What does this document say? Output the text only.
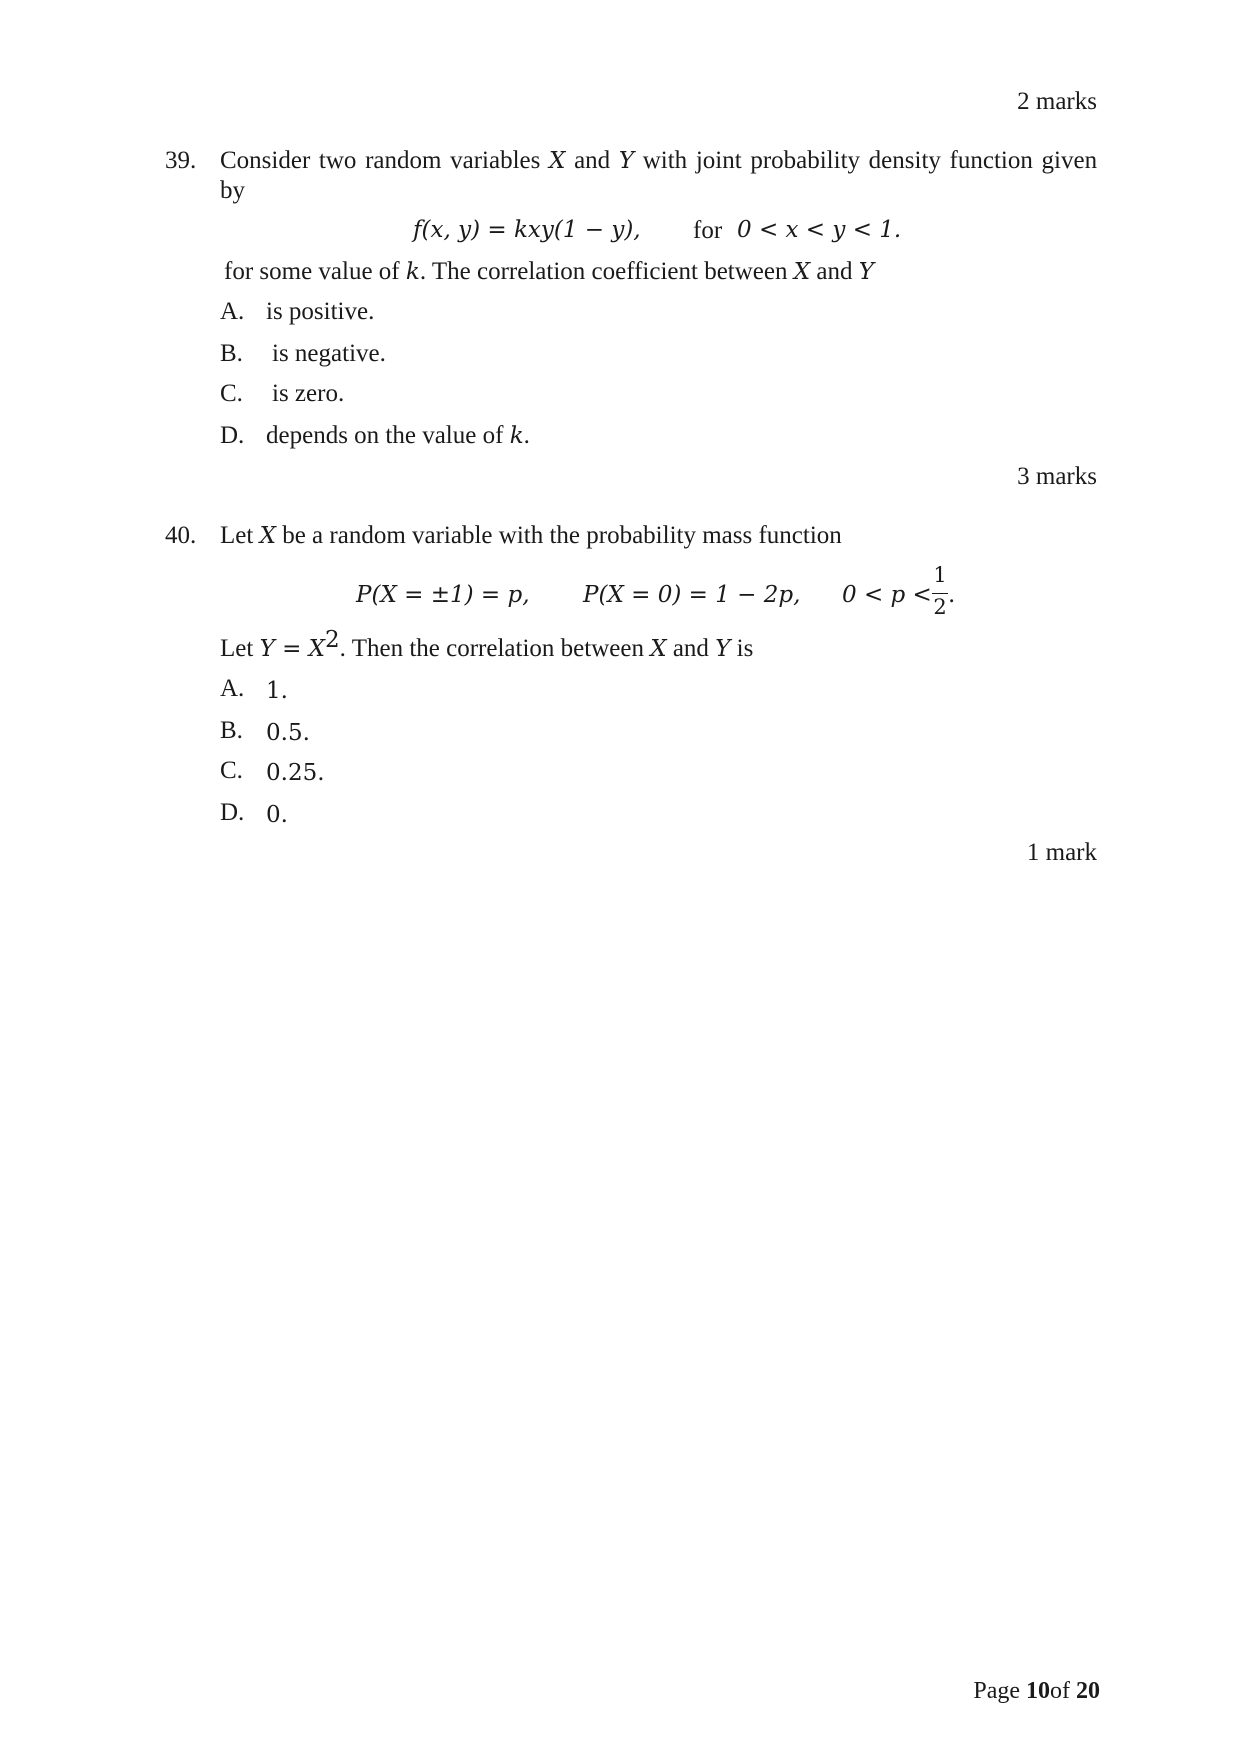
2 marks
39. Consider two random variables X and Y with joint probability density function given by
f(x, y) = kxy(1 − y), for 0 < x < y < 1.
for some value of k. The correlation coefficient between X and Y
A. is positive.
B. is negative.
C. is zero.
D. depends on the value of k.
3 marks
40. Let X be a random variable with the probability mass function
P(X = ±1) = p, P(X = 0) = 1 − 2p, 0 < p <
1
2 .
Let $Y = X^2$. Then the correlation between X and Y is
A. 1.
B. 0.5.
C. 0.25.
D. 0.
1 mark
Page 10of 20
